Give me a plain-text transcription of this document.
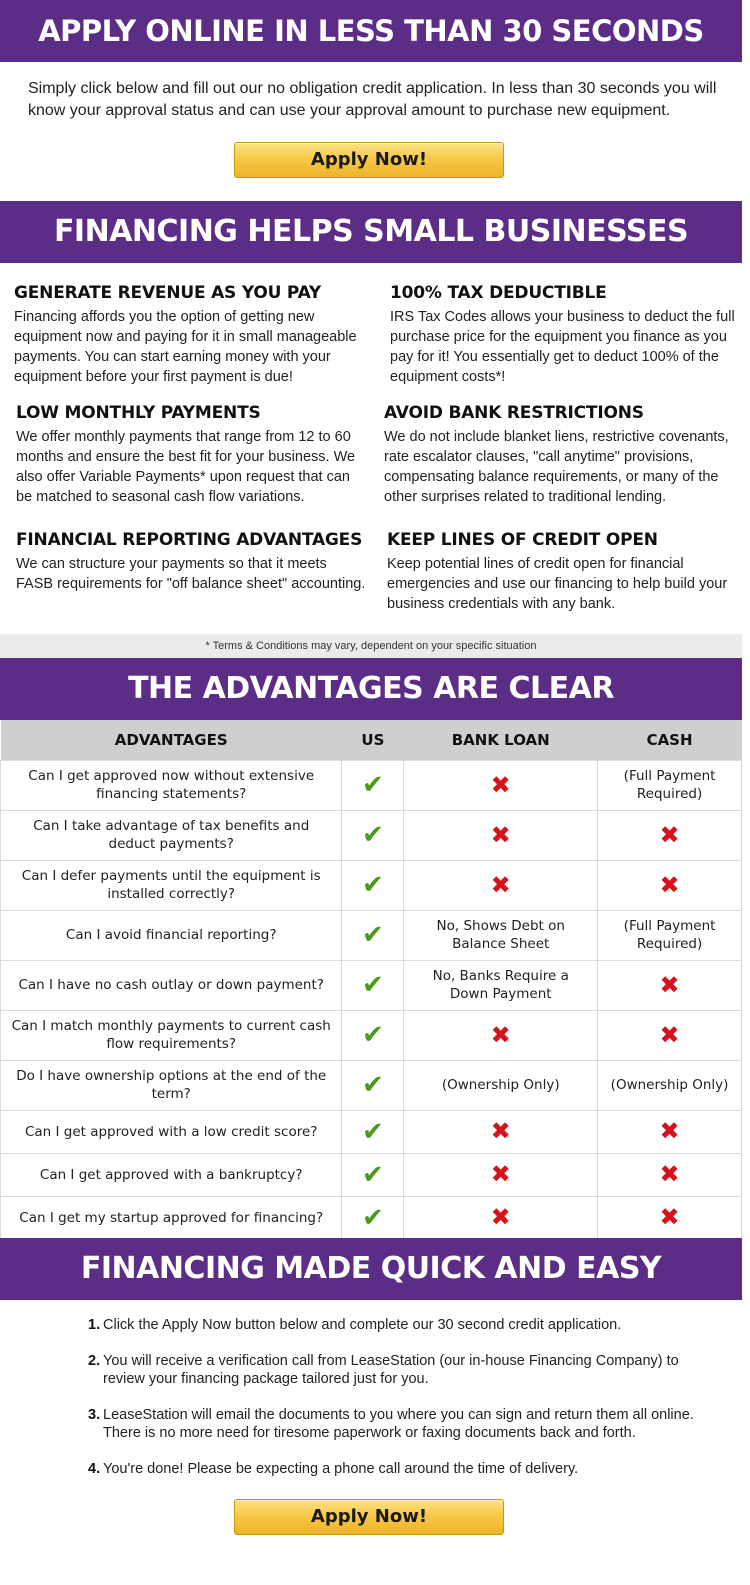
APPLY ONLINE IN LESS THAN 30 SECONDS

Simply click below and fill out our no obligation credit application. In less than 30 seconds you will know your approval status and can use your approval amount to purchase new equipment.

Apply Now!
FINANCING HELPS SMALL BUSINESSES GROW
GENERATE REVENUE AS YOU PAY

Financing affords you the option of getting new equipment now and paying for it in small manageable payments. You can start earning money with your equipment before your first payment is due!

100% TAX DEDUCTIBLE

IRS Tax Codes allows your business to deduct the full purchase price for the equipment you finance as you pay for it! You essentially get to deduct 100% of the equipment costs*!

LOW MONTHLY PAYMENTS

We offer monthly payments that range from 12 to 60 months and ensure the best fit for your business. We also offer Variable Payments* upon request that can be matched to seasonal cash flow variations.

AVOID BANK RESTRICTIONS

We do not include blanket liens, restrictive covenants, rate escalator clauses, "call anytime" provisions, compensating balance requirements, or many of the other surprises related to traditional lending.

FINANCIAL REPORTING ADVANTAGES

We can structure your payments so that it meets FASB requirements for "off balance sheet" accounting.

KEEP LINES OF CREDIT OPEN

Keep potential lines of credit open for financial emergencies and use our financing to help build your business credentials with any bank.

* Terms & Conditions may vary, dependent on your specific situation
THE ADVANTAGES ARE CLEAR
ADVANTAGES	US	BANK LOAN	CASH
Can I get approved now without extensive financing statements?	✔	✖	(Full Payment Required)
Can I take advantage of tax benefits and deduct payments?	✔	✖	✖
Can I defer payments until the equipment is installed correctly?	✔	✖	✖
Can I avoid financial reporting?	✔	No, Shows Debt on Balance Sheet	(Full Payment Required)
Can I have no cash outlay or down payment?	✔	No, Banks Require a Down Payment	✖
Can I match monthly payments to current cash flow requirements?	✔	✖	✖
Do I have ownership options at the end of the term?	✔	(Ownership Only)	(Ownership Only)
Can I get approved with a low credit score?	✔	✖	✖
Can I get approved with a bankruptcy?	✔	✖	✖
Can I get my startup approved for financing?	✔	✖	✖
FINANCING MADE QUICK AND EASY
1. Click the Apply Now button below and complete our 30 second credit application.
2. You will receive a verification call from LeaseStation (our in-house Financing Company) to review your financing package tailored just for you.
3. LeaseStation will email the documents to you where you can sign and return them all online. There is no more need for tiresome paperwork or faxing documents back and forth.
4. You're done! Please be expecting a phone call around the time of delivery.
Apply Now!
